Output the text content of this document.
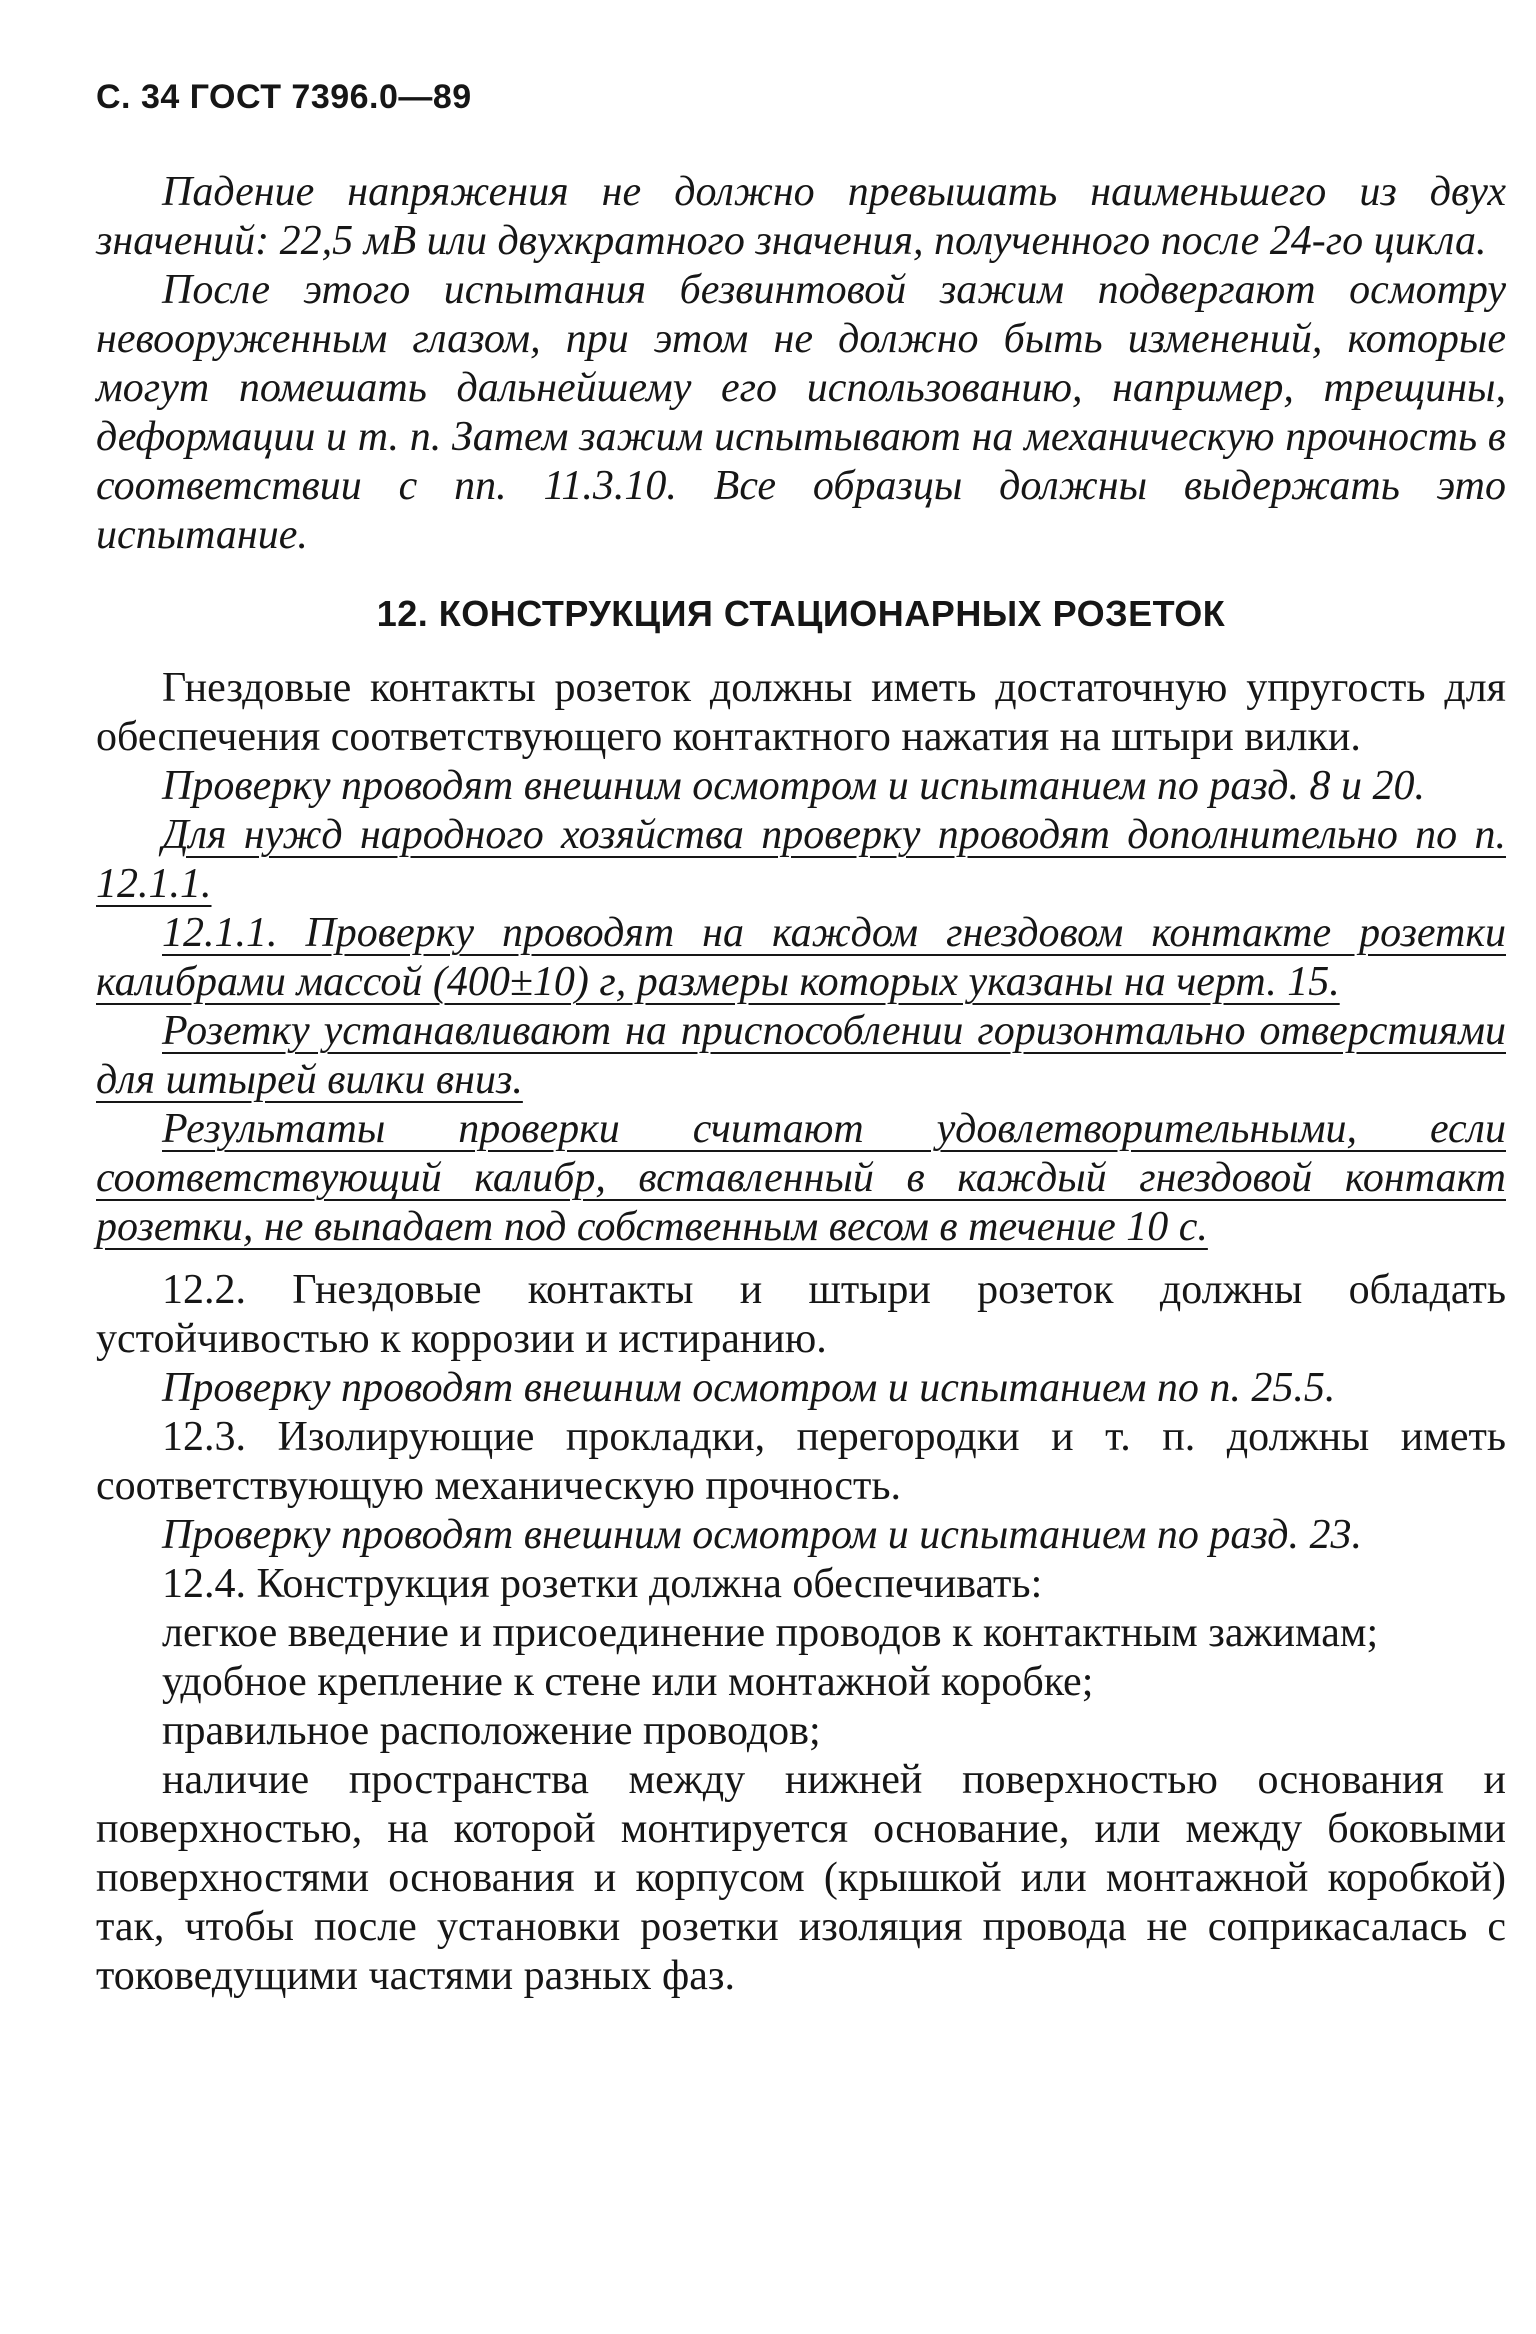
С. 34 ГОСТ 7396.0—89

Падение напряжения не должно превышать наименьшего из двух значений: 22,5 мВ или двухкратного значения, полученного после 24-го цикла.

После этого испытания безвинтовой зажим подвергают осмотру невооруженным глазом, при этом не должно быть изменений, которые могут помешать дальнейшему его использованию, например, трещины, деформации и т. п. Затем зажим испытывают на механическую прочность в соответствии с пп. 11.3.10. Все образцы должны выдержать это испытание.

12. КОНСТРУКЦИЯ СТАЦИОНАРНЫХ РОЗЕТОК

Гнездовые контакты розеток должны иметь достаточную упругость для обеспечения соответствующего контактного нажатия на штыри вилки.

Проверку проводят внешним осмотром и испытанием по разд. 8 и 20.

Для нужд народного хозяйства проверку проводят дополнительно по п. 12.1.1.

12.1.1. Проверку проводят на каждом гнездовом контакте розетки калибрами массой (400±10) г, размеры которых указаны на черт. 15.

Розетку устанавливают на приспособлении горизонтально отверстиями для штырей вилки вниз.

Результаты проверки считают удовлетворительными, если соответствующий калибр, вставленный в каждый гнездовой контакт розетки, не выпадает под собственным весом в течение 10 с.

12.2. Гнездовые контакты и штыри розеток должны обладать устойчивостью к коррозии и истиранию.

Проверку проводят внешним осмотром и испытанием по п. 25.5.

12.3. Изолирующие прокладки, перегородки и т. п. должны иметь соответствующую механическую прочность.

Проверку проводят внешним осмотром и испытанием по разд. 23.

12.4. Конструкция розетки должна обеспечивать:

легкое введение и присоединение проводов к контактным зажимам;

удобное крепление к стене или монтажной коробке;

правильное расположение проводов;

наличие пространства между нижней поверхностью основания и поверхностью, на которой монтируется основание, или между боковыми поверхностями основания и корпусом (крышкой или монтажной коробкой) так, чтобы после установки розетки изоляция провода не соприкасалась с токоведущими частями разных фаз.
